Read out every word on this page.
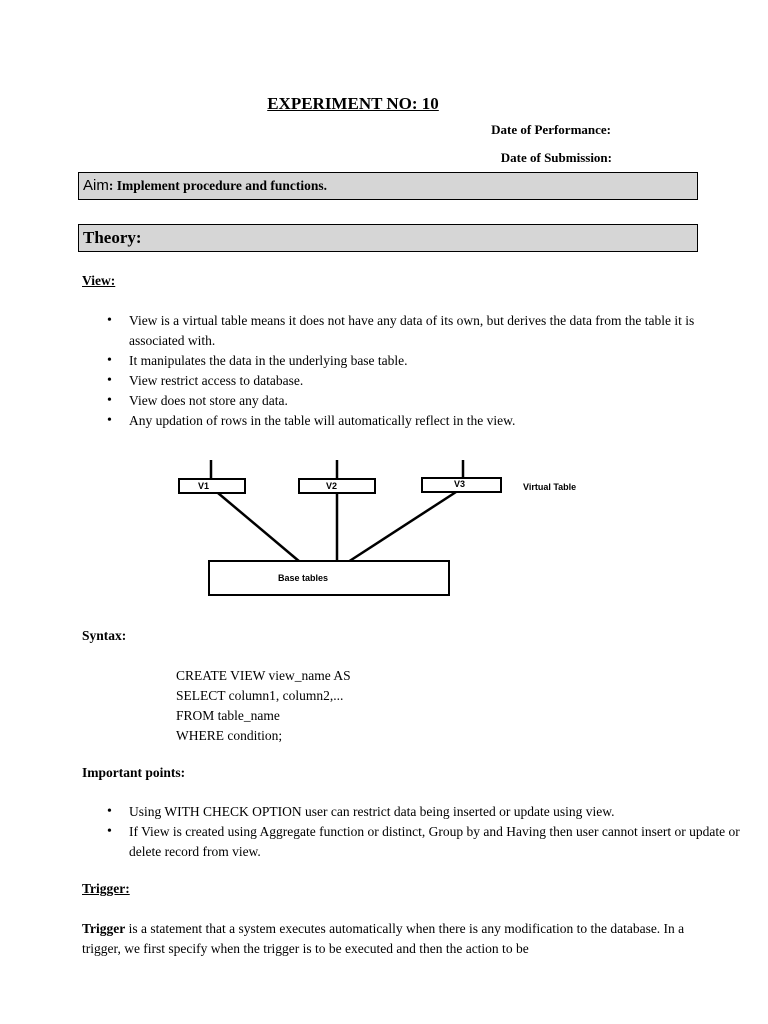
EXPERIMENT NO: 10
Date of Performance:
Date of Submission:
Aim: Implement procedure and functions.
Theory:
View:
• View is a virtual table means it does not have any data of its own, but derives the data from the table it is associated with.
• It manipulates the data in the underlying base table.
• View restrict access to database.
• View does not store any data.
• Any updation of rows in the table will automatically reflect in the view.
V1	V2	V3	Virtual Table
Base tables
Syntax:
CREATE VIEW view_name AS
SELECT column1, column2,...
FROM table_name
WHERE condition;
Important points:
• Using WITH CHECK OPTION user can restrict data being inserted or update using view.
• If View is created using Aggregate function or distinct, Group by and Having then user cannot insert or update or delete record from view.
Trigger:
Trigger is a statement that a system executes automatically when there is any modification to the database. In a trigger, we first specify when the trigger is to be executed and then the action to be
